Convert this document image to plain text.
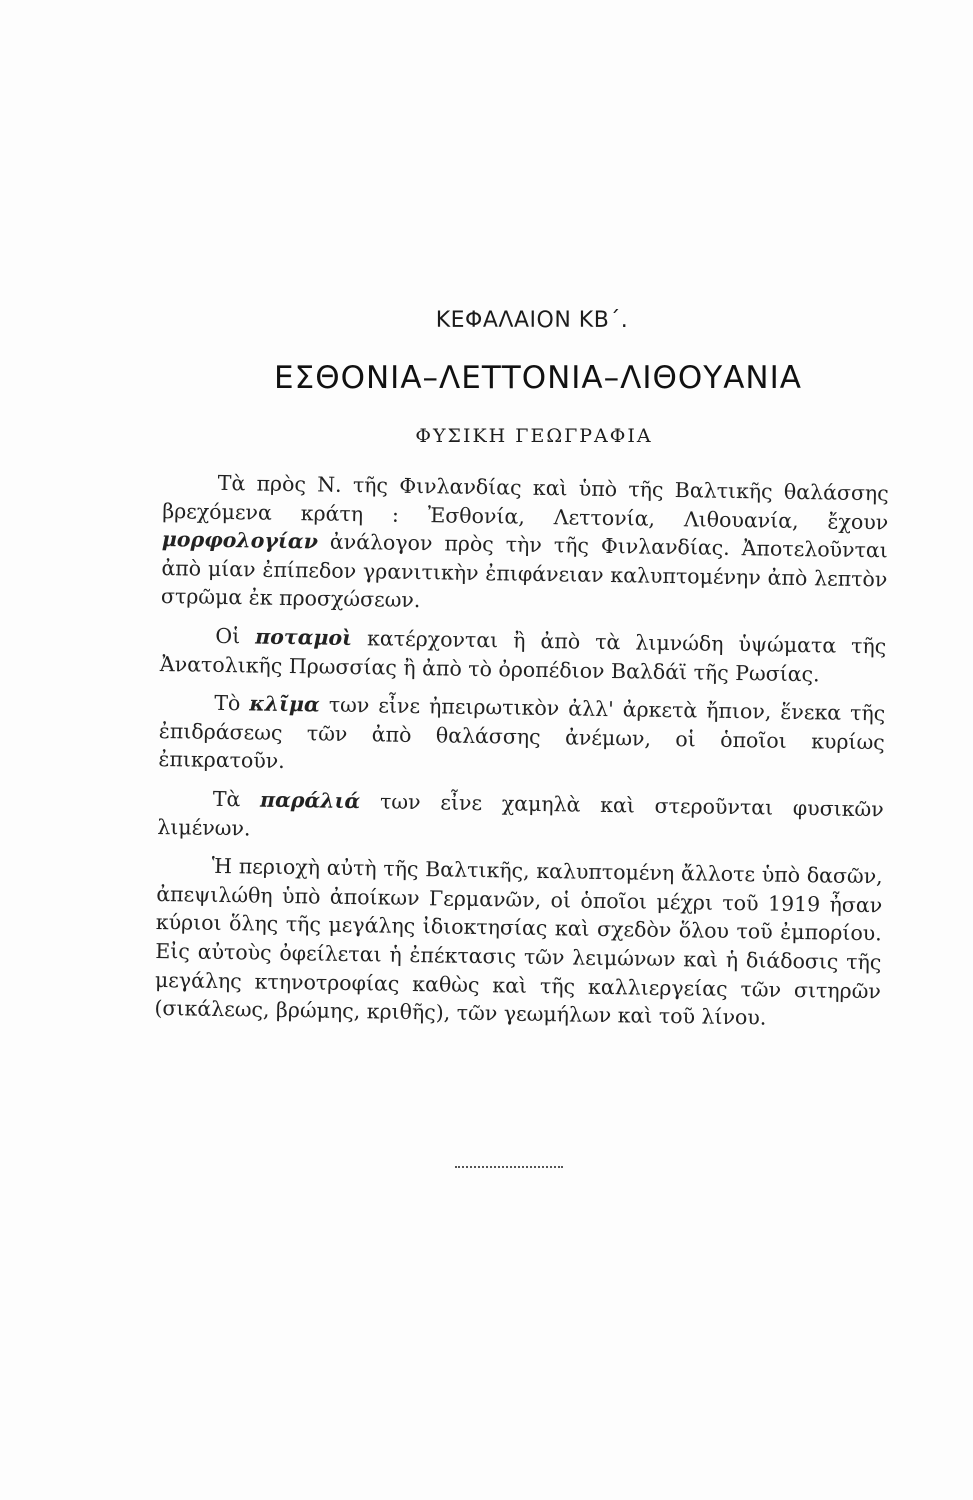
ΚΕΦΑΛΑΙΟΝ ΚΒ΄.
ΕΣΘΟΝΙΑ–ΛΕΤΤΟΝΙΑ–ΛΙΘΟΥΑΝΙΑ
ΦΥΣΙΚΗ ΓΕΩΓΡΑΦΙΑ

Τὰ πρὸς Ν. τῆς Φινλανδίας καὶ ὑπὸ τῆς Βαλτικῆς θαλάσσης βρεχόμενα κράτη : Ἐσθονία, Λεττονία, Λιθουανία, ἔχουν μορφολογίαν ἀνάλογον πρὸς τὴν τῆς Φινλανδίας. Ἀποτελοῦνται ἀπὸ μίαν ἐπίπεδον γρανιτικὴν ἐπιφάνειαν καλυπτομένην ἀπὸ λεπτὸν στρῶμα ἐκ προσχώσεων.

Οἱ ποταμοὶ κατέρχονται ἢ ἀπὸ τὰ λιμνώδη ὑψώματα τῆς Ἀνατολικῆς Πρωσσίας ἢ ἀπὸ τὸ ὀροπέδιον Βαλδάϊ τῆς Ρωσίας.

Τὸ κλῖμα των εἶνε ἠπειρωτικὸν ἀλλ' ἀρκετὰ ἤπιον, ἕνεκα τῆς ἐπιδράσεως τῶν ἀπὸ θαλάσσης ἀνέμων, οἱ ὁποῖοι κυρίως ἐπικρατοῦν.

Τὰ παράλιά των εἶνε χαμηλὰ καὶ στεροῦνται φυσικῶν λιμένων.

Ἡ περιοχὴ αὐτὴ τῆς Βαλτικῆς, καλυπτομένη ἄλλοτε ὑπὸ δασῶν, ἀπεψιλώθη ὑπὸ ἀποίκων Γερμανῶν, οἱ ὁποῖοι μέχρι τοῦ 1919 ἦσαν κύριοι ὅλης τῆς μεγάλης ἰδιοκτησίας καὶ σχεδὸν ὅλου τοῦ ἐμπορίου. Εἰς αὐτοὺς ὀφείλεται ἡ ἐπέκτασις τῶν λειμώνων καὶ ἡ διάδοσις τῆς μεγάλης κτηνοτροφίας καθὼς καὶ τῆς καλλιεργείας τῶν σιτηρῶν (σικάλεως, βρώμης, κριθῆς), τῶν γεωμήλων καὶ τοῦ λίνου.
